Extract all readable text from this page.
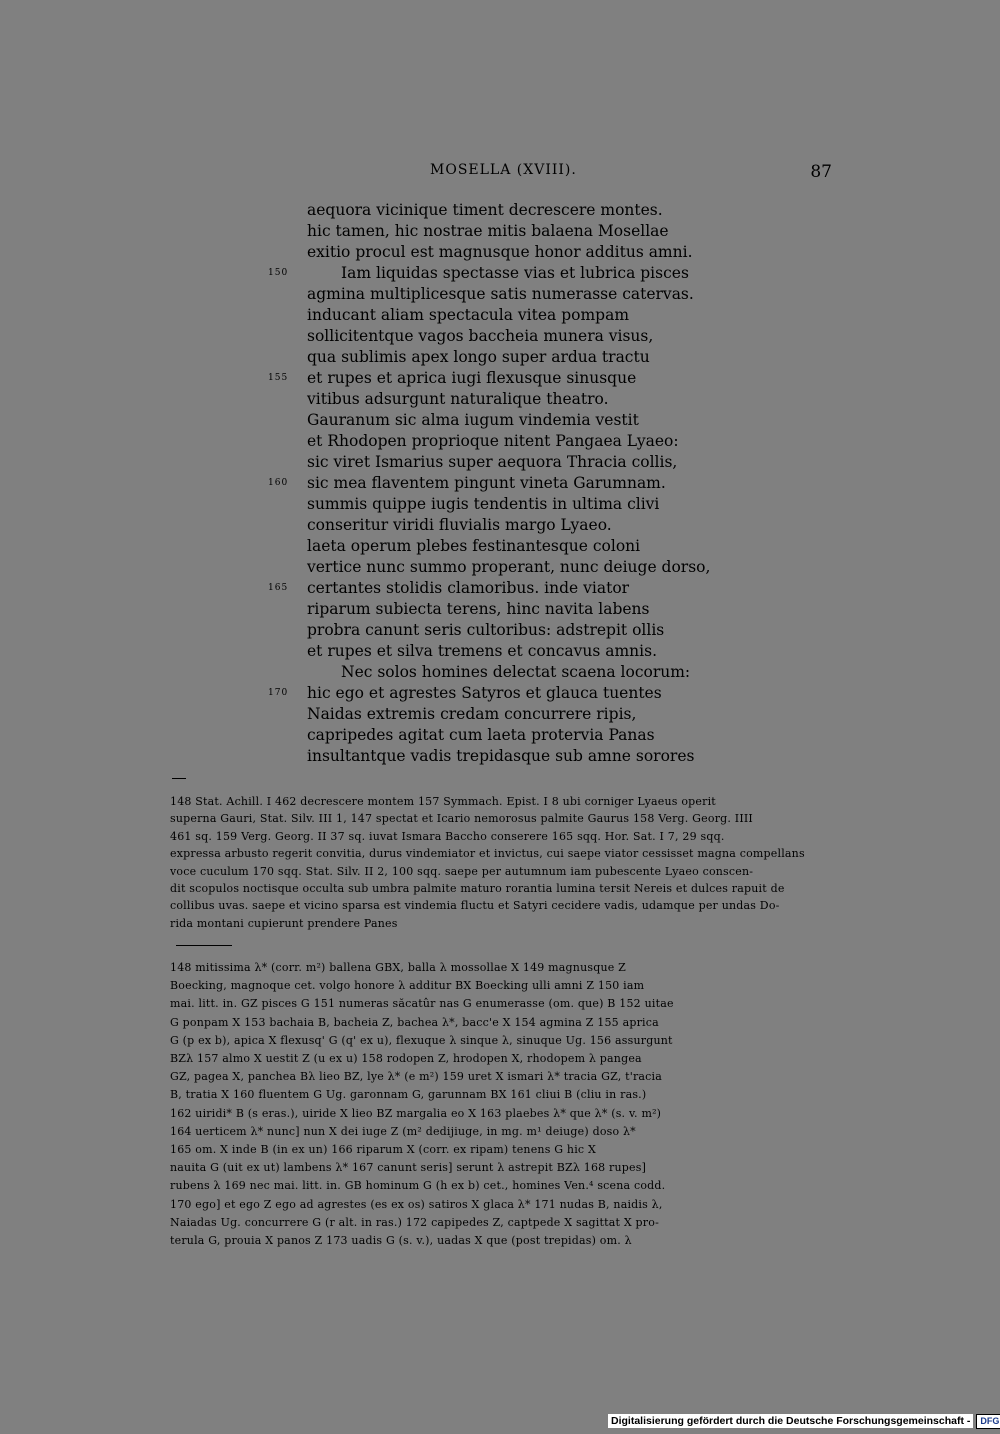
MOSELLA (XVIII).	87
aequora vicinique timent decrescere montes.
hic tamen, hic nostrae mitis balaena Mosellae
exitio procul est magnusque honor additus amni.
150	Iam liquidas spectasse vias et lubrica pisces
agmina multiplicesque satis numerasse catervas.
inducant aliam spectacula vitea pompam
sollicitentque vagos baccheia munera visus,
qua sublimis apex longo super ardua tractu
155 et rupes et aprica iugi flexusque sinusque
vitibus adsurgunt naturalique theatro.
Gauranum sic alma iugum vindemia vestit
et Rhodopen proprioque nitent Pangaea Lyaeo:
sic viret Ismarius super aequora Thracia collis,
160 sic mea flaventem pingunt vineta Garumnam.
summis quippe iugis tendentis in ultima clivi
conseritur viridi fluvialis margo Lyaeo.
laeta operum plebes festinantesque coloni
vertice nunc summo properant, nunc deiuge dorso,
165 certantes stolidis clamoribus. inde viator
riparum subiecta terens, hinc navita labens
probra canunt seris cultoribus: adstrepit ollis
et rupes et silva tremens et concavus amnis.
Nec solos homines delectat scaena locorum:
170 hic ego et agrestes Satyros et glauca tuentes
Naidas extremis credam concurrere ripis,
capripedes agitat cum laeta protervia Panas
insultantque vadis trepidasque sub amne sorores
148 Stat. Achill. I 462 decrescere montem 157 Symmach. Epist. I 8 ubi corniger Lyaeus operit
superna Gauri, Stat. Silv. III 1, 147 spectat et Icario nemorosus palmite Gaurus 158 Verg. Georg. IIII
461 sq. 159 Verg. Georg. II 37 sq. iuvat Ismara Baccho conserere 165 sqq. Hor. Sat. I 7, 29 sqq.
expressa arbusto regerit convitia, durus vindemiator et invictus, cui saepe viator cessisset magna compellans
voce cuculum 170 sqq. Stat. Silv. II 2, 100 sqq. saepe per autumnum iam pubescente Lyaeo conscen-
dit scopulos noctisque occulta sub umbra palmite maturo rorantia lumina tersit Nereis et dulces rapuit de
collibus uvas. saepe et vicino sparsa est vindemia fluctu et Satyri cecidere vadis, udamque per undas Do-
rida montani cupierunt prendere Panes
148 mitissima λ* (corr. m²) ballena GBX, balla λ mossollae X 149 magnusque Z
Boecking, magnoque cet. volgo honore λ additur BX Boecking ulli amni Z 150 iam
mai. litt. in. GZ pisces G 151 numeras săcatûr nas G enumerasse (om. que) B 152 uitae
G ponpam X 153 bachaia B, bacheia Z, bachea λ*, bacc'e X 154 agmina Z 155 aprica
G (p ex b), apica X flexusq' G (q' ex u), flexuque λ sinque λ, sinuque Ug. 156 assurgunt
BZλ 157 almo X uestit Z (u ex u) 158 rodopen Z, hrodopen X, rhodopem λ pangea
GZ, pagea X, panchea Bλ lieo BZ, lye λ* (e m²) 159 uret X ismari λ* tracia GZ, t'racia
B, tratia X 160 fluentem G Ug. garonnam G, garunnam BX 161 cliui B (cliu in ras.)
162 uiridi* B (s eras.), uiride X lieo BZ margalia eo X 163 plaebes λ* que λ* (s. v. m²)
164 uerticem λ* nunc] nun X dei iuge Z (m² dedijiuge, in mg. m¹ deiuge) doso λ*
165 om. X inde B (in ex un) 166 riparum X (corr. ex ripam) tenens G hic X
nauita G (uit ex ut) lambens λ* 167 canunt seris] serunt λ astrepit BZλ 168 rupes]
rubens λ 169 nec mai. litt. in. GB hominum G (h ex b) cet., homines Ven.⁴ scena codd.
170 ego] et ego Z ego ad agrestes (es ex os) satiros X glaca λ* 171 nudas B, naidis λ,
Naiadas Ug. concurrere G (r alt. in ras.) 172 capipedes Z, captpede X sagittat X pro-
terula G, prouia X panos Z 173 uadis G (s. v.), uadas X que (post trepidas) om. λ
Digitalisierung gefördert durch die Deutsche Forschungsgemeinschaft -	DFG
